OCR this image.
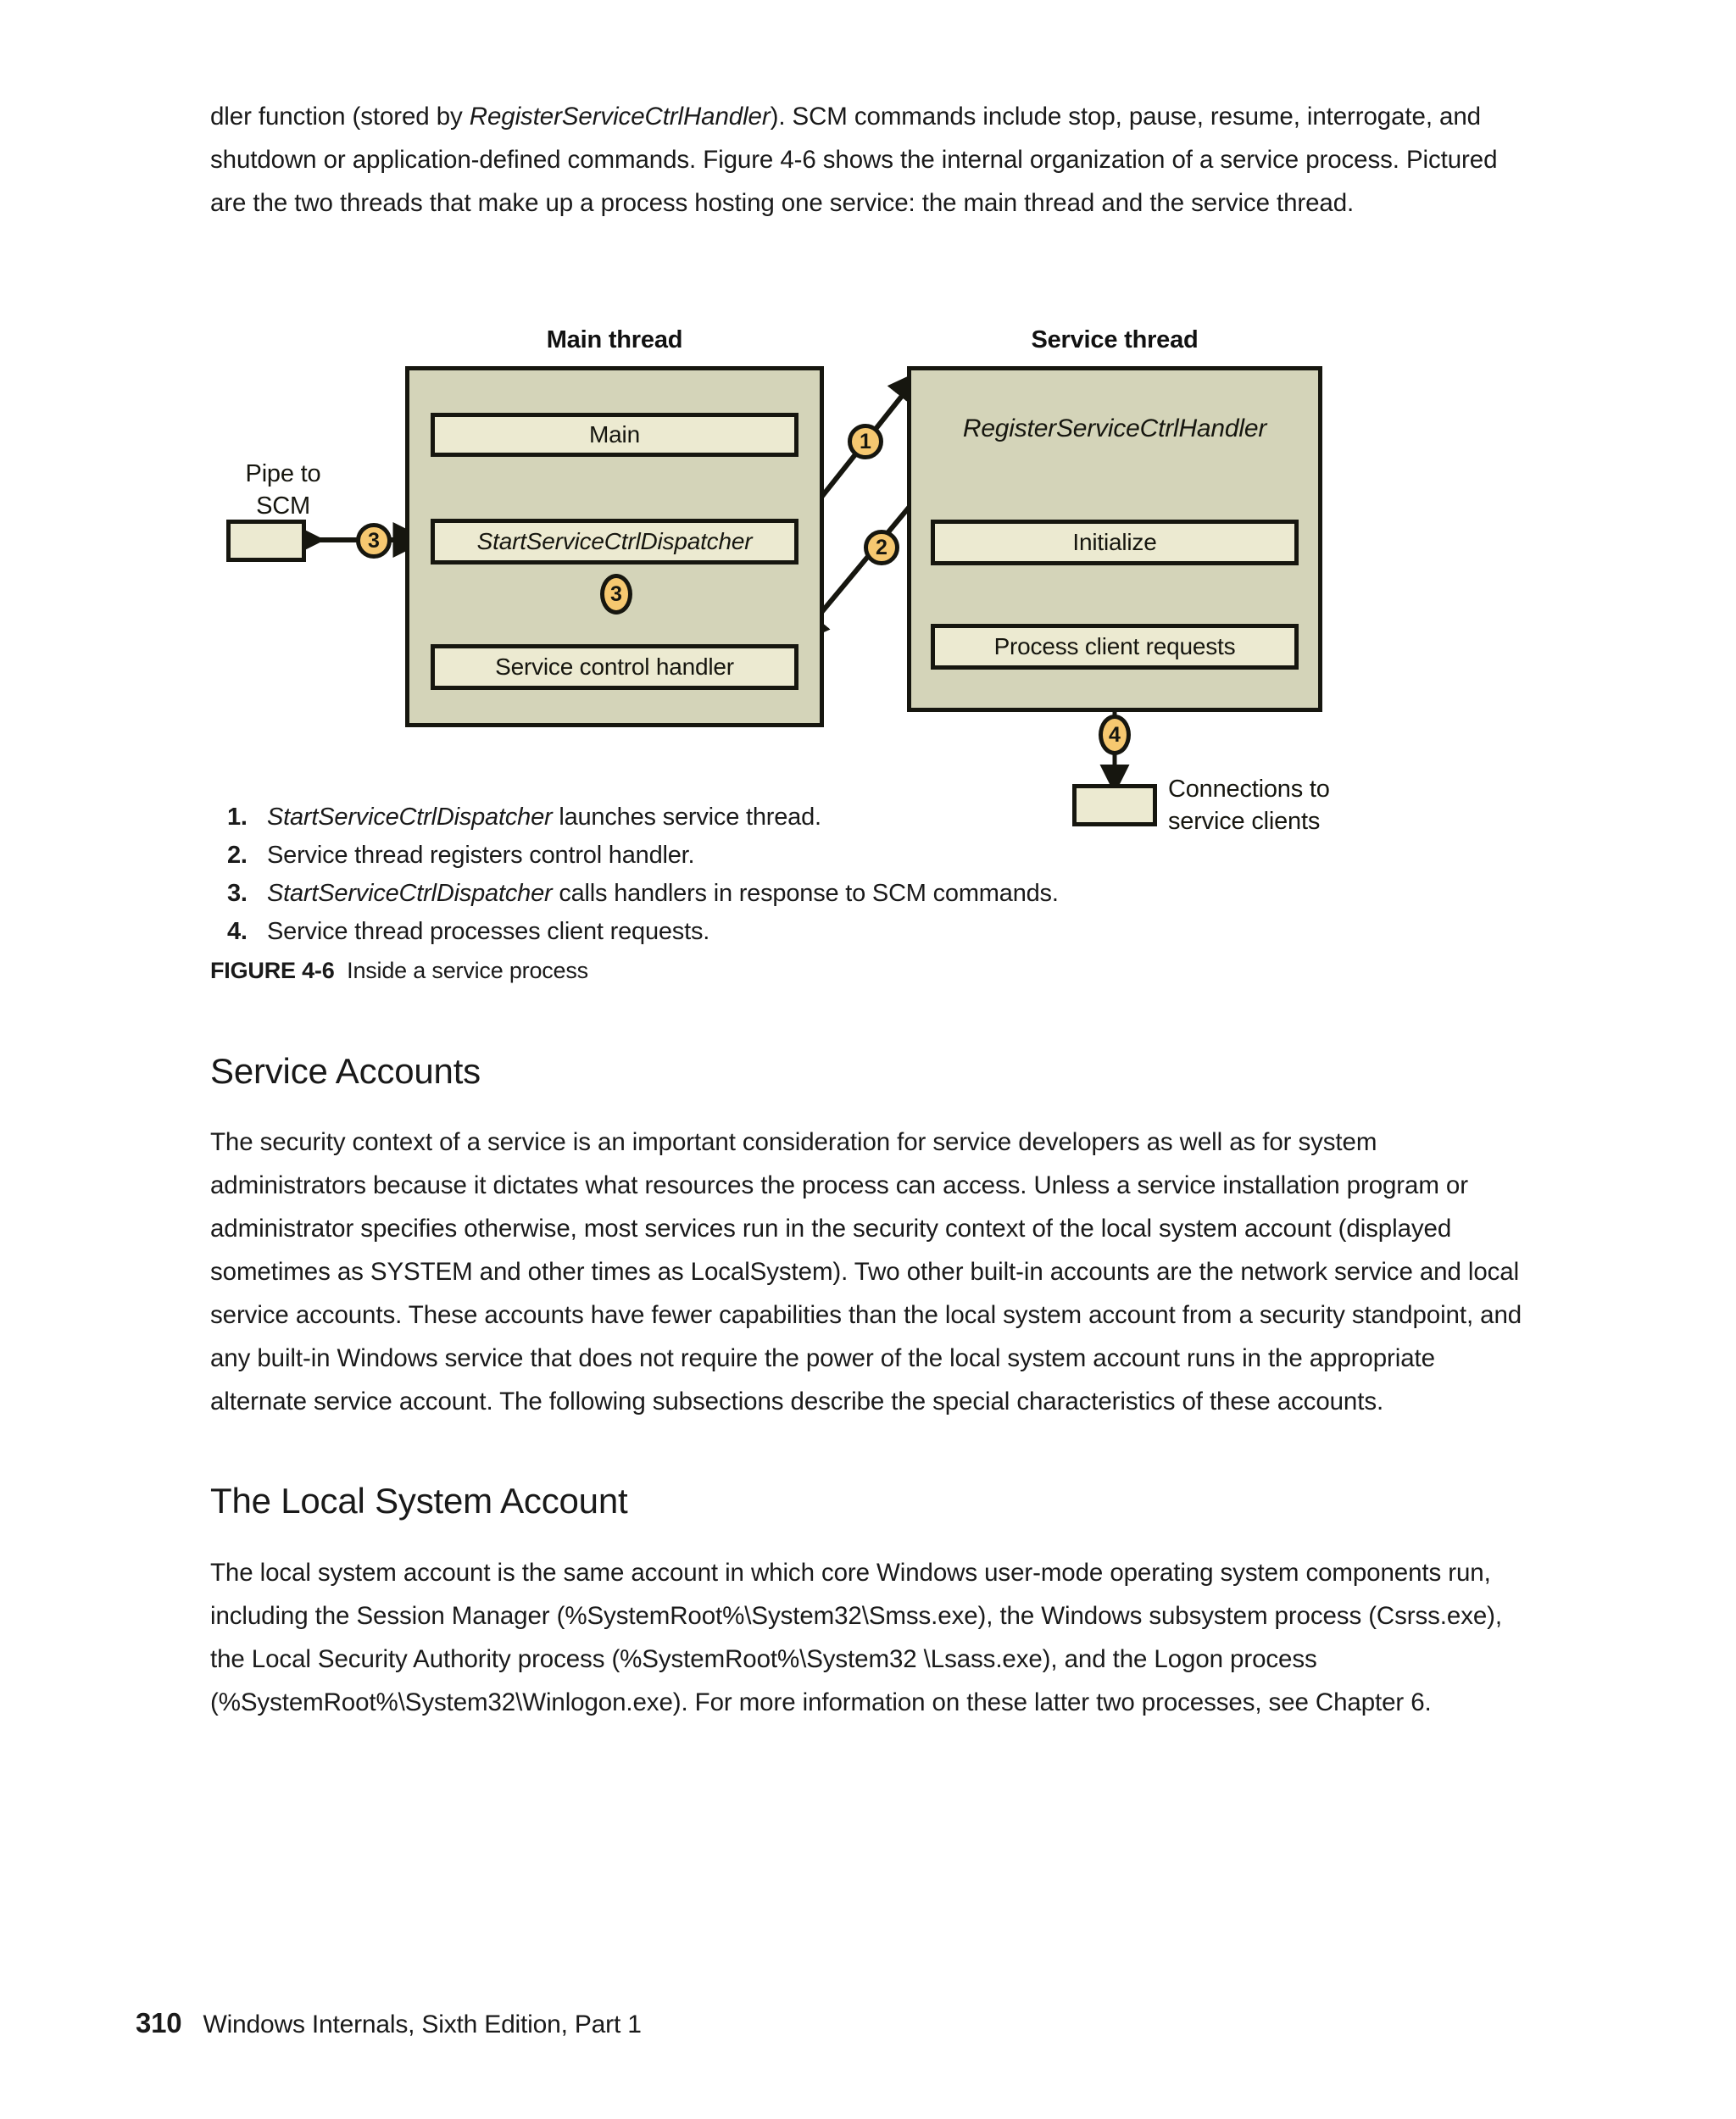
dler function (stored by RegisterServiceCtrlHandler). SCM commands include stop, pause, resume, interrogate, and shutdown or application-defined commands. Figure 4-6 shows the internal organization of a service process. Pictured are the two threads that make up a process hosting one service: the main thread and the service thread.

Main thread	Service thread
Pipe to
SCM
Main
StartServiceCtrlDispatcher
Service control handler
RegisterServiceCtrlHandler
Initialize
Process client requests
Connections to
service clients
1
2
3
3
4
1. StartServiceCtrlDispatcher launches service thread.
2. Service thread registers control handler.
3. StartServiceCtrlDispatcher calls handlers in response to SCM commands.
4. Service thread processes client requests.
FIGURE 4-6 Inside a service process
Service Accounts

The security context of a service is an important consideration for service developers as well as for system administrators because it dictates what resources the process can access. Unless a service installation program or administrator specifies otherwise, most services run in the security context of the local system account (displayed sometimes as SYSTEM and other times as LocalSystem). Two other built-in accounts are the network service and local service accounts. These accounts have fewer capabilities than the local system account from a security standpoint, and any built-in Windows service that does not require the power of the local system account runs in the appropriate alternate service account. The following subsections describe the special characteristics of these accounts.

The Local System Account

The local system account is the same account in which core Windows user-mode operating system components run, including the Session Manager (%SystemRoot%\System32\Smss.exe), the Windows subsystem process (Csrss.exe), the Local Security Authority process (%SystemRoot%\System32 \Lsass.exe), and the Logon process (%SystemRoot%\System32\Winlogon.exe). For more information on these latter two processes, see Chapter 6.

310 Windows Internals, Sixth Edition, Part 1
